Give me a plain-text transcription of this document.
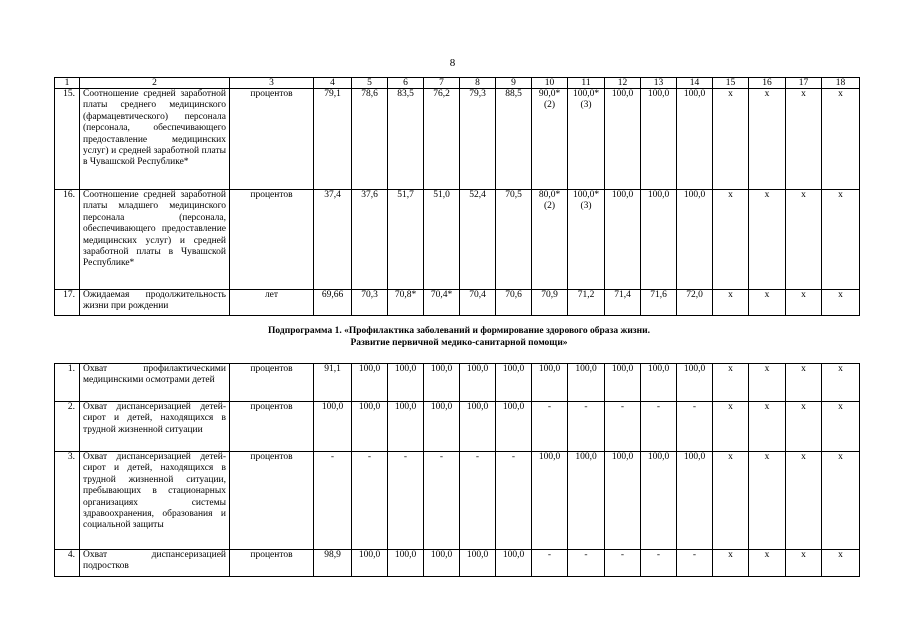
8
1	2	3	4	5	6	7	8	9	10	11	12	13	14	15	16	17	18
15.	Соотношение средней заработной платы среднего медицинского (фармацевтического) персонала (персонала, обеспечивающего предоставление медицинских услуг) и средней заработной платы в Чувашской Республике*	процентов	79,1	78,6	83,5	76,2	79,3	88,5	90,0* (2)	100,0* (3)	100,0	100,0	100,0	x	x	x	x
16.	Соотношение средней заработной платы младшего медицинского персонала (персонала, обеспечивающего предоставление медицинских услуг) и средней заработной платы в Чувашской Республике*	процентов	37,4	37,6	51,7	51,0	52,4	70,5	80,0* (2)	100,0* (3)	100,0	100,0	100,0	x	x	x	x
17.	Ожидаемая продолжительность жизни при рождении	лет	69,66	70,3	70,8*	70,4*	70,4	70,6	70,9	71,2	71,4	71,6	72,0	x	x	x	x
Подпрограмма 1. «Профилактика заболеваний и формирование здорового образа жизни.
Развитие первичной медико-санитарной помощи»
1.	Охват профилактическими медицинскими осмотрами детей	процентов	91,1	100,0	100,0	100,0	100,0	100,0	100,0	100,0	100,0	100,0	100,0	x	x	x	x
2.	Охват диспансеризацией детей-сирот и детей, находящихся в трудной жизненной ситуации	процентов	100,0	100,0	100,0	100,0	100,0	100,0	-	-	-	-	-	x	x	x	x
3.	Охват диспансеризацией детей-сирот и детей, находящихся в трудной жизненной ситуации, пребывающих в стационарных организациях системы здравоохранения, образования и социальной защиты	процентов	-	-	-	-	-	-	100,0	100,0	100,0	100,0	100,0	x	x	x	x
4.	Охват диспансеризацией подростков	процентов	98,9	100,0	100,0	100,0	100,0	100,0	-	-	-	-	-	x	x	x	x
